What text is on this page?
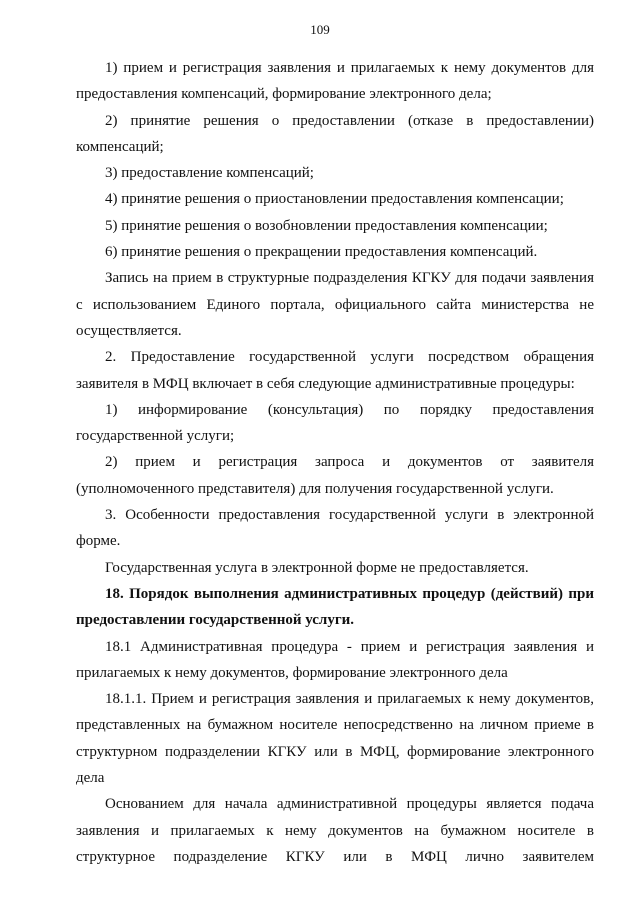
109

1) прием и регистрация заявления и прилагаемых к нему документов для предоставления компенсаций, формирование электронного дела;

2) принятие решения о предоставлении (отказе в предоставлении) компенсаций;

3) предоставление компенсаций;

4) принятие решения о приостановлении предоставления компенсации;

5) принятие решения о возобновлении предоставления компенсации;

6) принятие решения о прекращении предоставления компенсаций.

Запись на прием в структурные подразделения КГКУ для подачи заявления с использованием Единого портала, официального сайта министерства не осуществляется.

2. Предоставление государственной услуги посредством обращения заявителя в МФЦ включает в себя следующие административные процедуры:

1) информирование (консультация) по порядку предоставления государственной услуги;

2) прием и регистрация запроса и документов от заявителя (уполномоченного представителя) для получения государственной услуги.

3. Особенности предоставления государственной услуги в электронной форме.

Государственная услуга в электронной форме не предоставляется.

18. Порядок выполнения административных процедур (действий) при предоставлении государственной услуги.

18.1 Административная процедура - прием и регистрация заявления и прилагаемых к нему документов, формирование электронного дела

18.1.1. Прием и регистрация заявления и прилагаемых к нему документов, представленных на бумажном носителе непосредственно на личном приеме в структурном подразделении КГКУ или в МФЦ, формирование электронного дела

Основанием для начала административной процедуры является подача заявления и прилагаемых к нему документов на бумажном носителе в структурное подразделение КГКУ или в МФЦ лично заявителем
